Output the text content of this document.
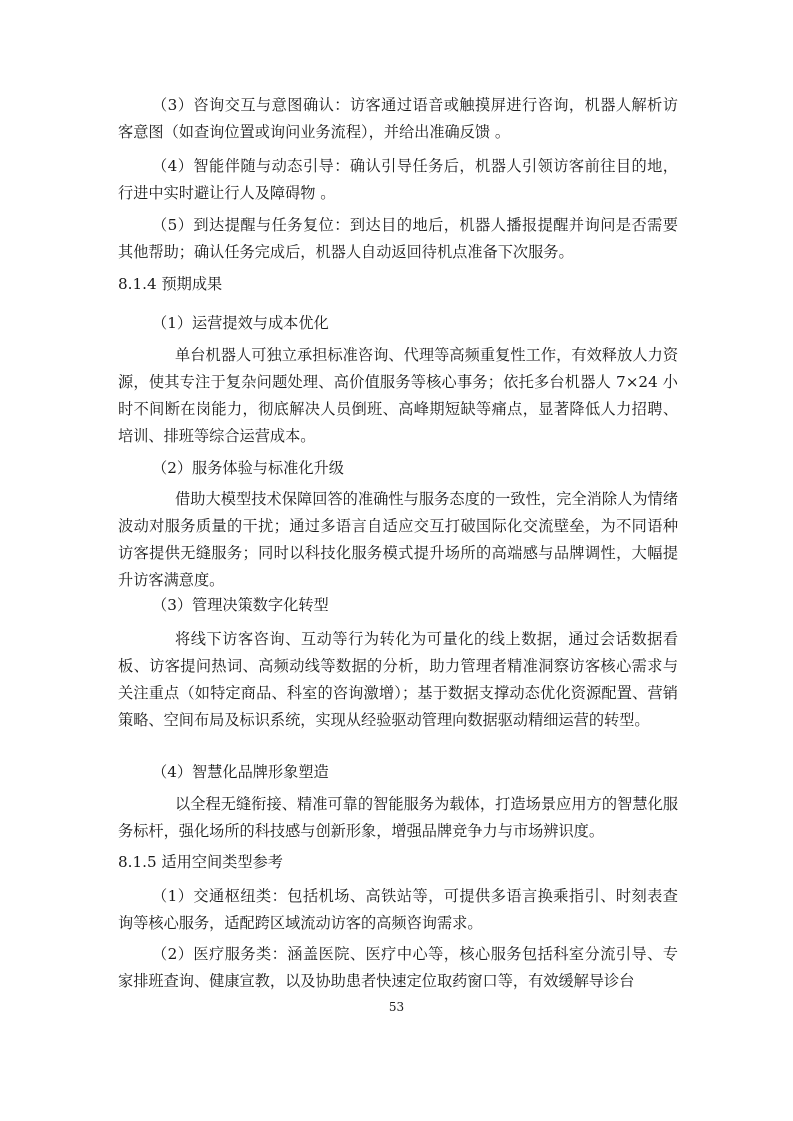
（3）咨询交互与意图确认：访客通过语音或触摸屏进行咨询，机器人解析访客意图（如查询位置或询问业务流程），并给出准确反馈 。

（4）智能伴随与动态引导：确认引导任务后，机器人引领访客前往目的地，行进中实时避让行人及障碍物 。

（5）到达提醒与任务复位：到达目的地后，机器人播报提醒并询问是否需要其他帮助；确认任务完成后，机器人自动返回待机点准备下次服务。

8.1.4 预期成果

（1）运营提效与成本优化

单台机器人可独立承担标准咨询、代理等高频重复性工作，有效释放人力资源，使其专注于复杂问题处理、高价值服务等核心事务；依托多台机器人 7×24 小时不间断在岗能力，彻底解决人员倒班、高峰期短缺等痛点，显著降低人力招聘、培训、排班等综合运营成本。

（2）服务体验与标准化升级

借助大模型技术保障回答的准确性与服务态度的一致性，完全消除人为情绪波动对服务质量的干扰；通过多语言自适应交互打破国际化交流壁垒，为不同语种访客提供无缝服务；同时以科技化服务模式提升场所的高端感与品牌调性，大幅提升访客满意度。

（3）管理决策数字化转型

将线下访客咨询、互动等行为转化为可量化的线上数据，通过会话数据看板、访客提问热词、高频动线等数据的分析，助力管理者精准洞察访客核心需求与关注重点（如特定商品、科室的咨询激增）；基于数据支撑动态优化资源配置、营销策略、空间布局及标识系统，实现从经验驱动管理向数据驱动精细运营的转型。

（4）智慧化品牌形象塑造

以全程无缝衔接、精准可靠的智能服务为载体，打造场景应用方的智慧化服务标杆，强化场所的科技感与创新形象，增强品牌竞争力与市场辨识度。

8.1.5 适用空间类型参考

（1）交通枢纽类：包括机场、高铁站等，可提供多语言换乘指引、时刻表查询等核心服务，适配跨区域流动访客的高频咨询需求。

（2）医疗服务类：涵盖医院、医疗中心等，核心服务包括科室分流引导、专家排班查询、健康宣教，以及协助患者快速定位取药窗口等，有效缓解导诊台

53
